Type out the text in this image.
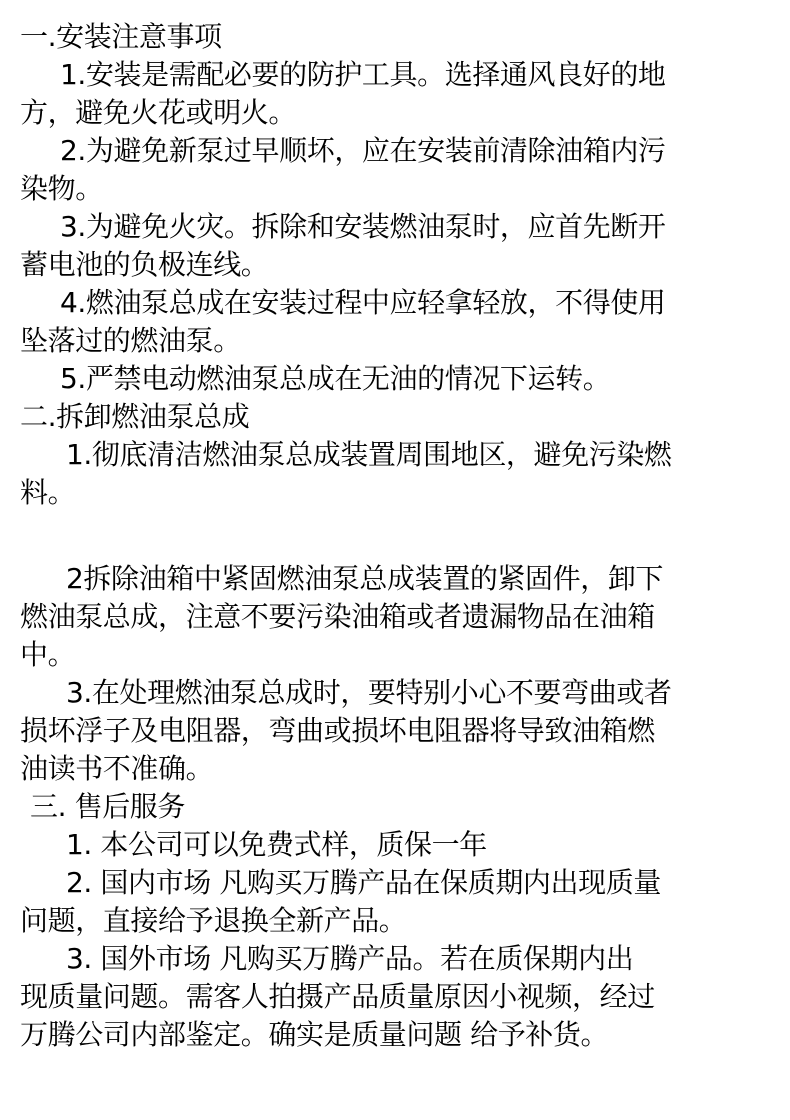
一.安装注意事项
1.安装是需配必要的防护工具。选择通风良好的地
方，避免火花或明火。
2.为避免新泵过早顺坏，应在安装前清除油箱内污
染物。
3.为避免火灾。拆除和安装燃油泵时，应首先断开
蓄电池的负极连线。
4.燃油泵总成在安装过程中应轻拿轻放，不得使用
坠落过的燃油泵。
5.严禁电动燃油泵总成在无油的情况下运转。
二.拆卸燃油泵总成
1.彻底清洁燃油泵总成装置周围地区，避免污染燃
料。
2拆除油箱中紧固燃油泵总成装置的紧固件，卸下
燃油泵总成，注意不要污染油箱或者遗漏物品在油箱
中。
3.在处理燃油泵总成时，要特别小心不要弯曲或者
损坏浮子及电阻器，弯曲或损坏电阻器将导致油箱燃
油读书不准确。
三. 售后服务
1. 本公司可以免费式样，质保一年
2. 国内市场 凡购买万腾产品在保质期内出现质量
问题，直接给予退换全新产品。
3. 国外市场 凡购买万腾产品。若在质保期内出
现质量问题。需客人拍摄产品质量原因小视频，经过
万腾公司内部鉴定。确实是质量问题 给予补货。
